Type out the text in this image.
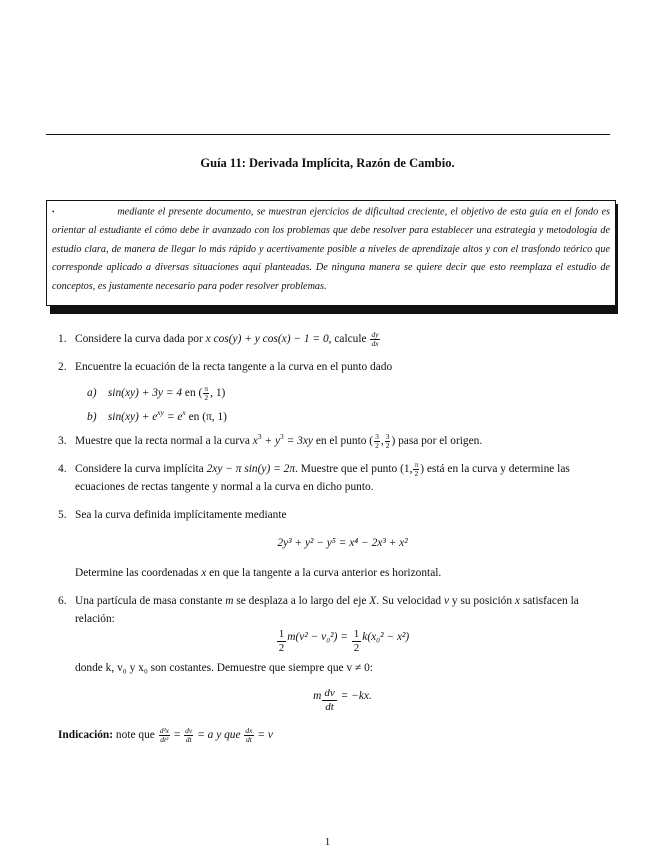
Guía 11: Derivada Implícita, Razón de Cambio.
• mediante el presente documento, se muestran ejercicios de dificultad creciente, el objetivo de esta guía en el fondo es orientar al estudiante el cómo debe ir avanzado con los problemas que debe resolver para establecer una estrategia y metodología de estudio clara, de manera de llegar lo más rápido y acertivamente posible a niveles de aprendizaje altos y con el trasfondo teórico que corresponde aplicado a diversas situaciones aquí planteadas. De ninguna manera se quiere decir que esto reemplaza el estudio de conceptos, es justamente necesario para poder resolver problemas.
1. Considere la curva dada por x cos(y) + y cos(x) − 1 = 0, calcule $\frac{dy}{dx}$
2. Encuentre la ecuación de la recta tangente a la curva en el punto dado
a) sin(xy) + 3y = 4 en ( $\frac{\pi}{2}$ , 1)
b) $\sin(xy) + e^{xy} = e^x$ en (π, 1)
3. Muestre que la recta normal a la curva $x^3 + y^3 = 3xy$ en el punto ( $\frac{3}{2}$ , $\frac{3}{2}$ ) pasa por el origen.
4. Considere la curva implícita 2xy − π sin(y) = 2π. Muestre que el punto (1, $\frac{\pi}{2}$ ) está en la curva y determine las ecuaciones de rectas tangente y normal a la curva en dicho punto.
5. Sea la curva definida implícitamente mediante
2y³ + y² − y⁵ = x⁴ − 2x³ + x²
Determine las coordenadas x en que la tangente a la curva anterior es horizontal.
6. Una partícula de masa constante m se desplaza a lo largo del eje X. Su velocidad v y su posición x satisfacen la relación:
$\frac{1}{2} m(v^2 - v_0^2) = \frac{1}{2} k(x_0^2 - x^2)$
donde k, v₀ y x₀ son costantes. Demuestre que siempre que v ≠ 0:
m $\frac{dv}{dt} = -kx$.
Indicación: note que $\frac{\text{d²x}}{\text{dt²}} = \frac{dv}{dt} = a$ y que $\frac{dx}{dt} = v$
1
